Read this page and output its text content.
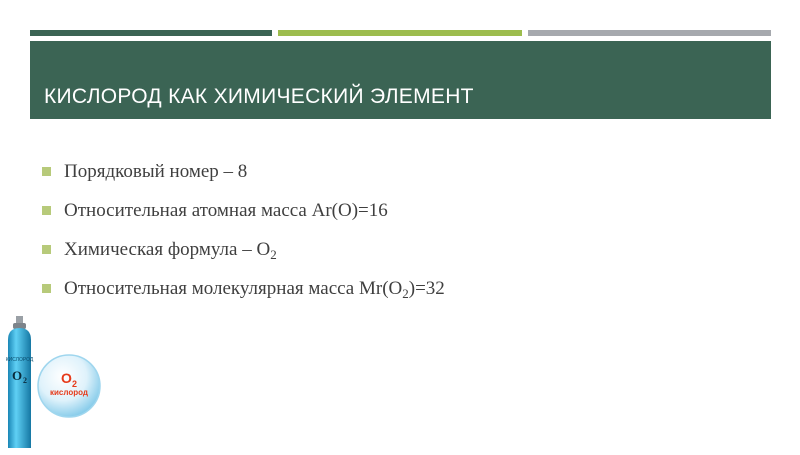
КИСЛОРОД КАК ХИМИЧЕСКИЙ ЭЛЕМЕНТ
Порядковый номер – 8
Относительная атомная масса Ar(O)=16
Химическая формула – $O_2$
Относительная молекулярная масса $Mr(O_2)=32$
КИСЛОРОД
O 2	$O_2$
кислород
